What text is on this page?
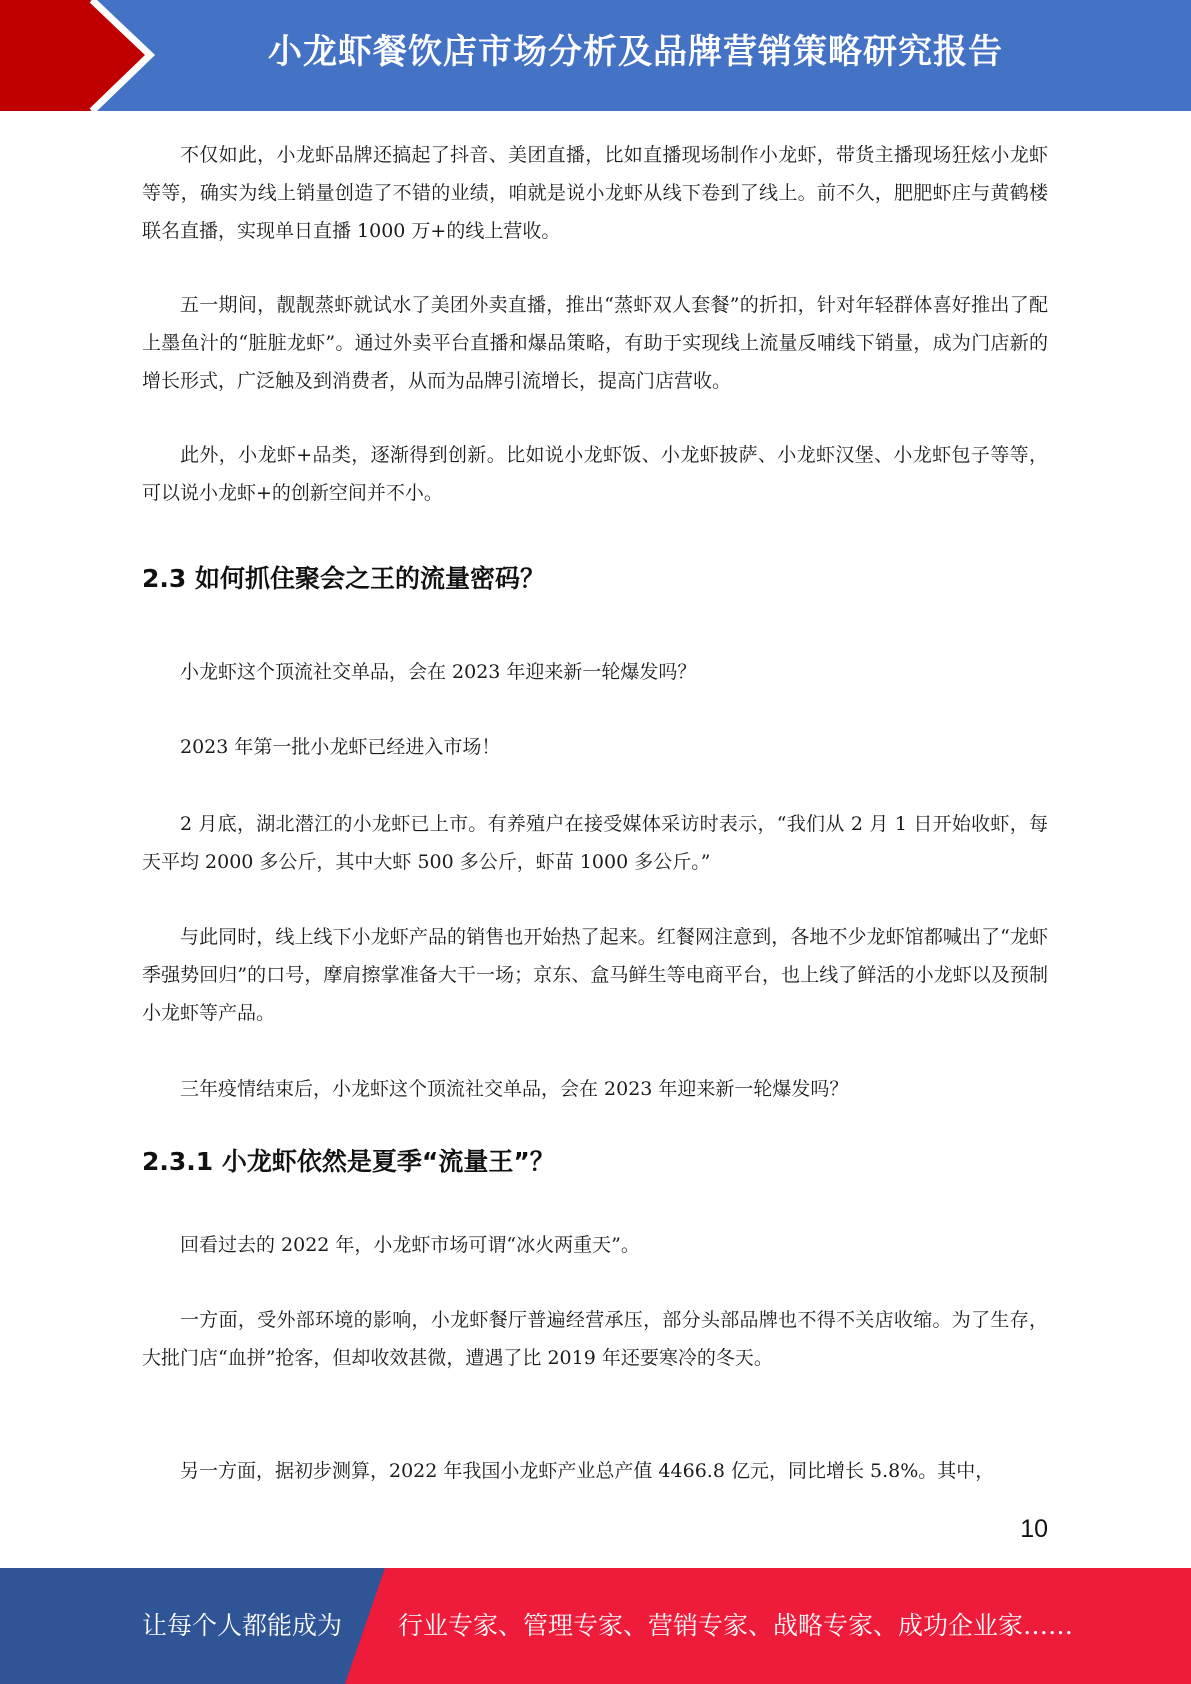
小龙虾餐饮店市场分析及品牌营销策略研究报告

不仅如此，小龙虾品牌还搞起了抖音、美团直播，比如直播现场制作小龙虾，带货主播现场狂炫小龙虾等等，确实为线上销量创造了不错的业绩，咱就是说小龙虾从线下卷到了线上。前不久，肥肥虾庄与黄鹤楼联名直播，实现单日直播 1000 万+的线上营收。

五一期间，靓靓蒸虾就试水了美团外卖直播，推出“蒸虾双人套餐”的折扣，针对年轻群体喜好推出了配上墨鱼汁的“脏脏龙虾”。通过外卖平台直播和爆品策略，有助于实现线上流量反哺线下销量，成为门店新的增长形式，广泛触及到消费者，从而为品牌引流增长，提高门店营收。

此外，小龙虾+品类，逐渐得到创新。比如说小龙虾饭、小龙虾披萨、小龙虾汉堡、小龙虾包子等等，可以说小龙虾+的创新空间并不小。

2.3 如何抓住聚会之王的流量密码？

小龙虾这个顶流社交单品，会在 2023 年迎来新一轮爆发吗？

2023 年第一批小龙虾已经进入市场！

2 月底，湖北潜江的小龙虾已上市。有养殖户在接受媒体采访时表示，“我们从 2 月 1 日开始收虾，每天平均 2000 多公斤，其中大虾 500 多公斤，虾苗 1000 多公斤。”

与此同时，线上线下小龙虾产品的销售也开始热了起来。红餐网注意到，各地不少龙虾馆都喊出了“龙虾季强势回归”的口号，摩肩擦掌准备大干一场；京东、盒马鲜生等电商平台，也上线了鲜活的小龙虾以及预制小龙虾等产品。

三年疫情结束后，小龙虾这个顶流社交单品，会在 2023 年迎来新一轮爆发吗？

2.3.1 小龙虾依然是夏季“流量王”？

回看过去的 2022 年，小龙虾市场可谓“冰火两重天”。

一方面，受外部环境的影响，小龙虾餐厅普遍经营承压，部分头部品牌也不得不关店收缩。为了生存，大批门店“血拼”抢客，但却收效甚微，遭遇了比 2019 年还要寒冷的冬天。

另一方面，据初步测算，2022 年我国小龙虾产业总产值 4466.8 亿元，同比增长 5.8%。其中，

10
让每个人都能成为 行业专家、管理专家、营销专家、战略专家、成功企业家……
